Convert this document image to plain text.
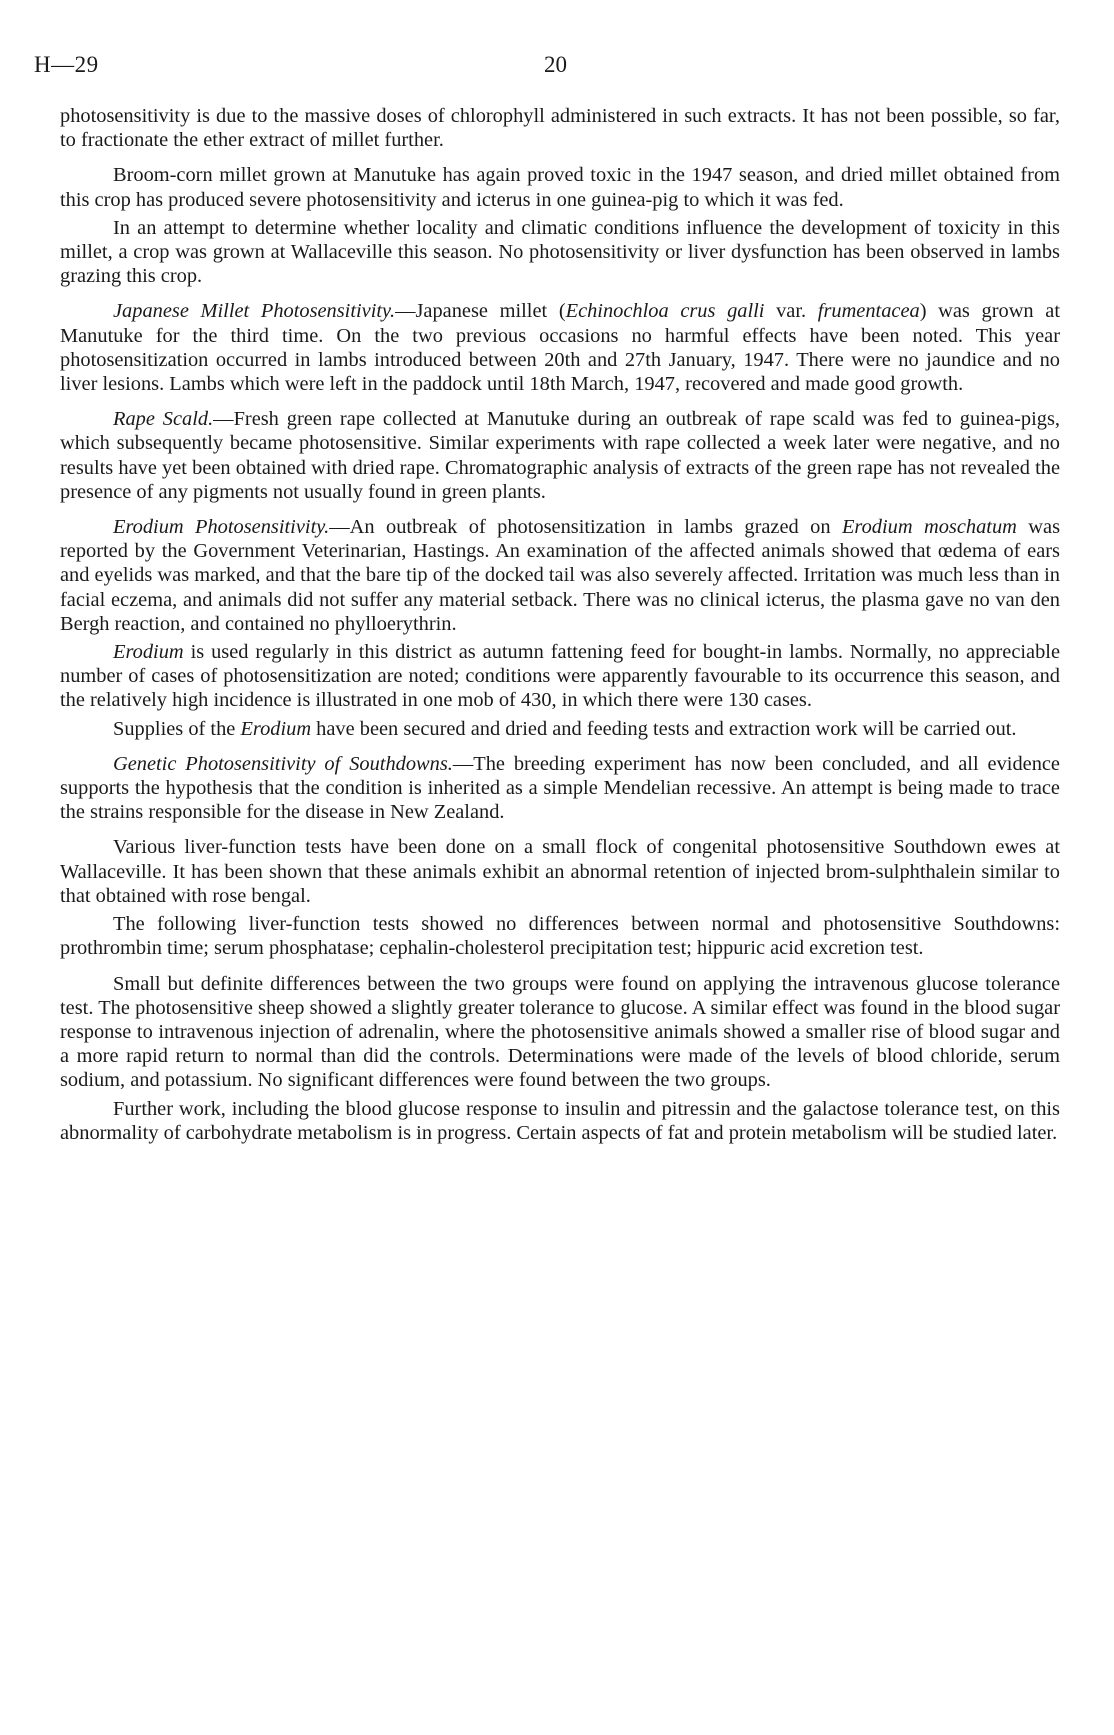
H—29	20

photosensitivity is due to the massive doses of chlorophyll administered in such extracts. It has not been possible, so far, to fractionate the ether extract of millet further.

Broom-corn millet grown at Manutuke has again proved toxic in the 1947 season, and dried millet obtained from this crop has produced severe photosensitivity and icterus in one guinea-pig to which it was fed.

In an attempt to determine whether locality and climatic conditions influence the development of toxicity in this millet, a crop was grown at Wallaceville this season. No photosensitivity or liver dysfunction has been observed in lambs grazing this crop.

Japanese Millet Photosensitivity.—Japanese millet (Echinochloa crus galli var. frumentacea) was grown at Manutuke for the third time. On the two previous occasions no harmful effects have been noted. This year photosensitization occurred in lambs introduced between 20th and 27th January, 1947. There were no jaundice and no liver lesions. Lambs which were left in the paddock until 18th March, 1947, recovered and made good growth.

Rape Scald.—Fresh green rape collected at Manutuke during an outbreak of rape scald was fed to guinea-pigs, which subsequently became photosensitive. Similar experiments with rape collected a week later were negative, and no results have yet been obtained with dried rape. Chromatographic analysis of extracts of the green rape has not revealed the presence of any pigments not usually found in green plants.

Erodium Photosensitivity.—An outbreak of photosensitization in lambs grazed on Erodium moschatum was reported by the Government Veterinarian, Hastings. An examination of the affected animals showed that œdema of ears and eyelids was marked, and that the bare tip of the docked tail was also severely affected. Irritation was much less than in facial eczema, and animals did not suffer any material setback. There was no clinical icterus, the plasma gave no van den Bergh reaction, and contained no phylloerythrin.

Erodium is used regularly in this district as autumn fattening feed for bought-in lambs. Normally, no appreciable number of cases of photosensitization are noted; conditions were apparently favourable to its occurrence this season, and the relatively high incidence is illustrated in one mob of 430, in which there were 130 cases.

Supplies of the Erodium have been secured and dried and feeding tests and extraction work will be carried out.

Genetic Photosensitivity of Southdowns.—The breeding experiment has now been concluded, and all evidence supports the hypothesis that the condition is inherited as a simple Mendelian recessive. An attempt is being made to trace the strains responsible for the disease in New Zealand.

Various liver-function tests have been done on a small flock of congenital photosensitive Southdown ewes at Wallaceville. It has been shown that these animals exhibit an abnormal retention of injected brom-sulphthalein similar to that obtained with rose bengal.

The following liver-function tests showed no differences between normal and photosensitive Southdowns: prothrombin time; serum phosphatase; cephalin-cholesterol precipitation test; hippuric acid excretion test.

Small but definite differences between the two groups were found on applying the intravenous glucose tolerance test. The photosensitive sheep showed a slightly greater tolerance to glucose. A similar effect was found in the blood sugar response to intravenous injection of adrenalin, where the photosensitive animals showed a smaller rise of blood sugar and a more rapid return to normal than did the controls. Determinations were made of the levels of blood chloride, serum sodium, and potassium. No significant differences were found between the two groups.

Further work, including the blood glucose response to insulin and pitressin and the galactose tolerance test, on this abnormality of carbohydrate metabolism is in progress. Certain aspects of fat and protein metabolism will be studied later.
